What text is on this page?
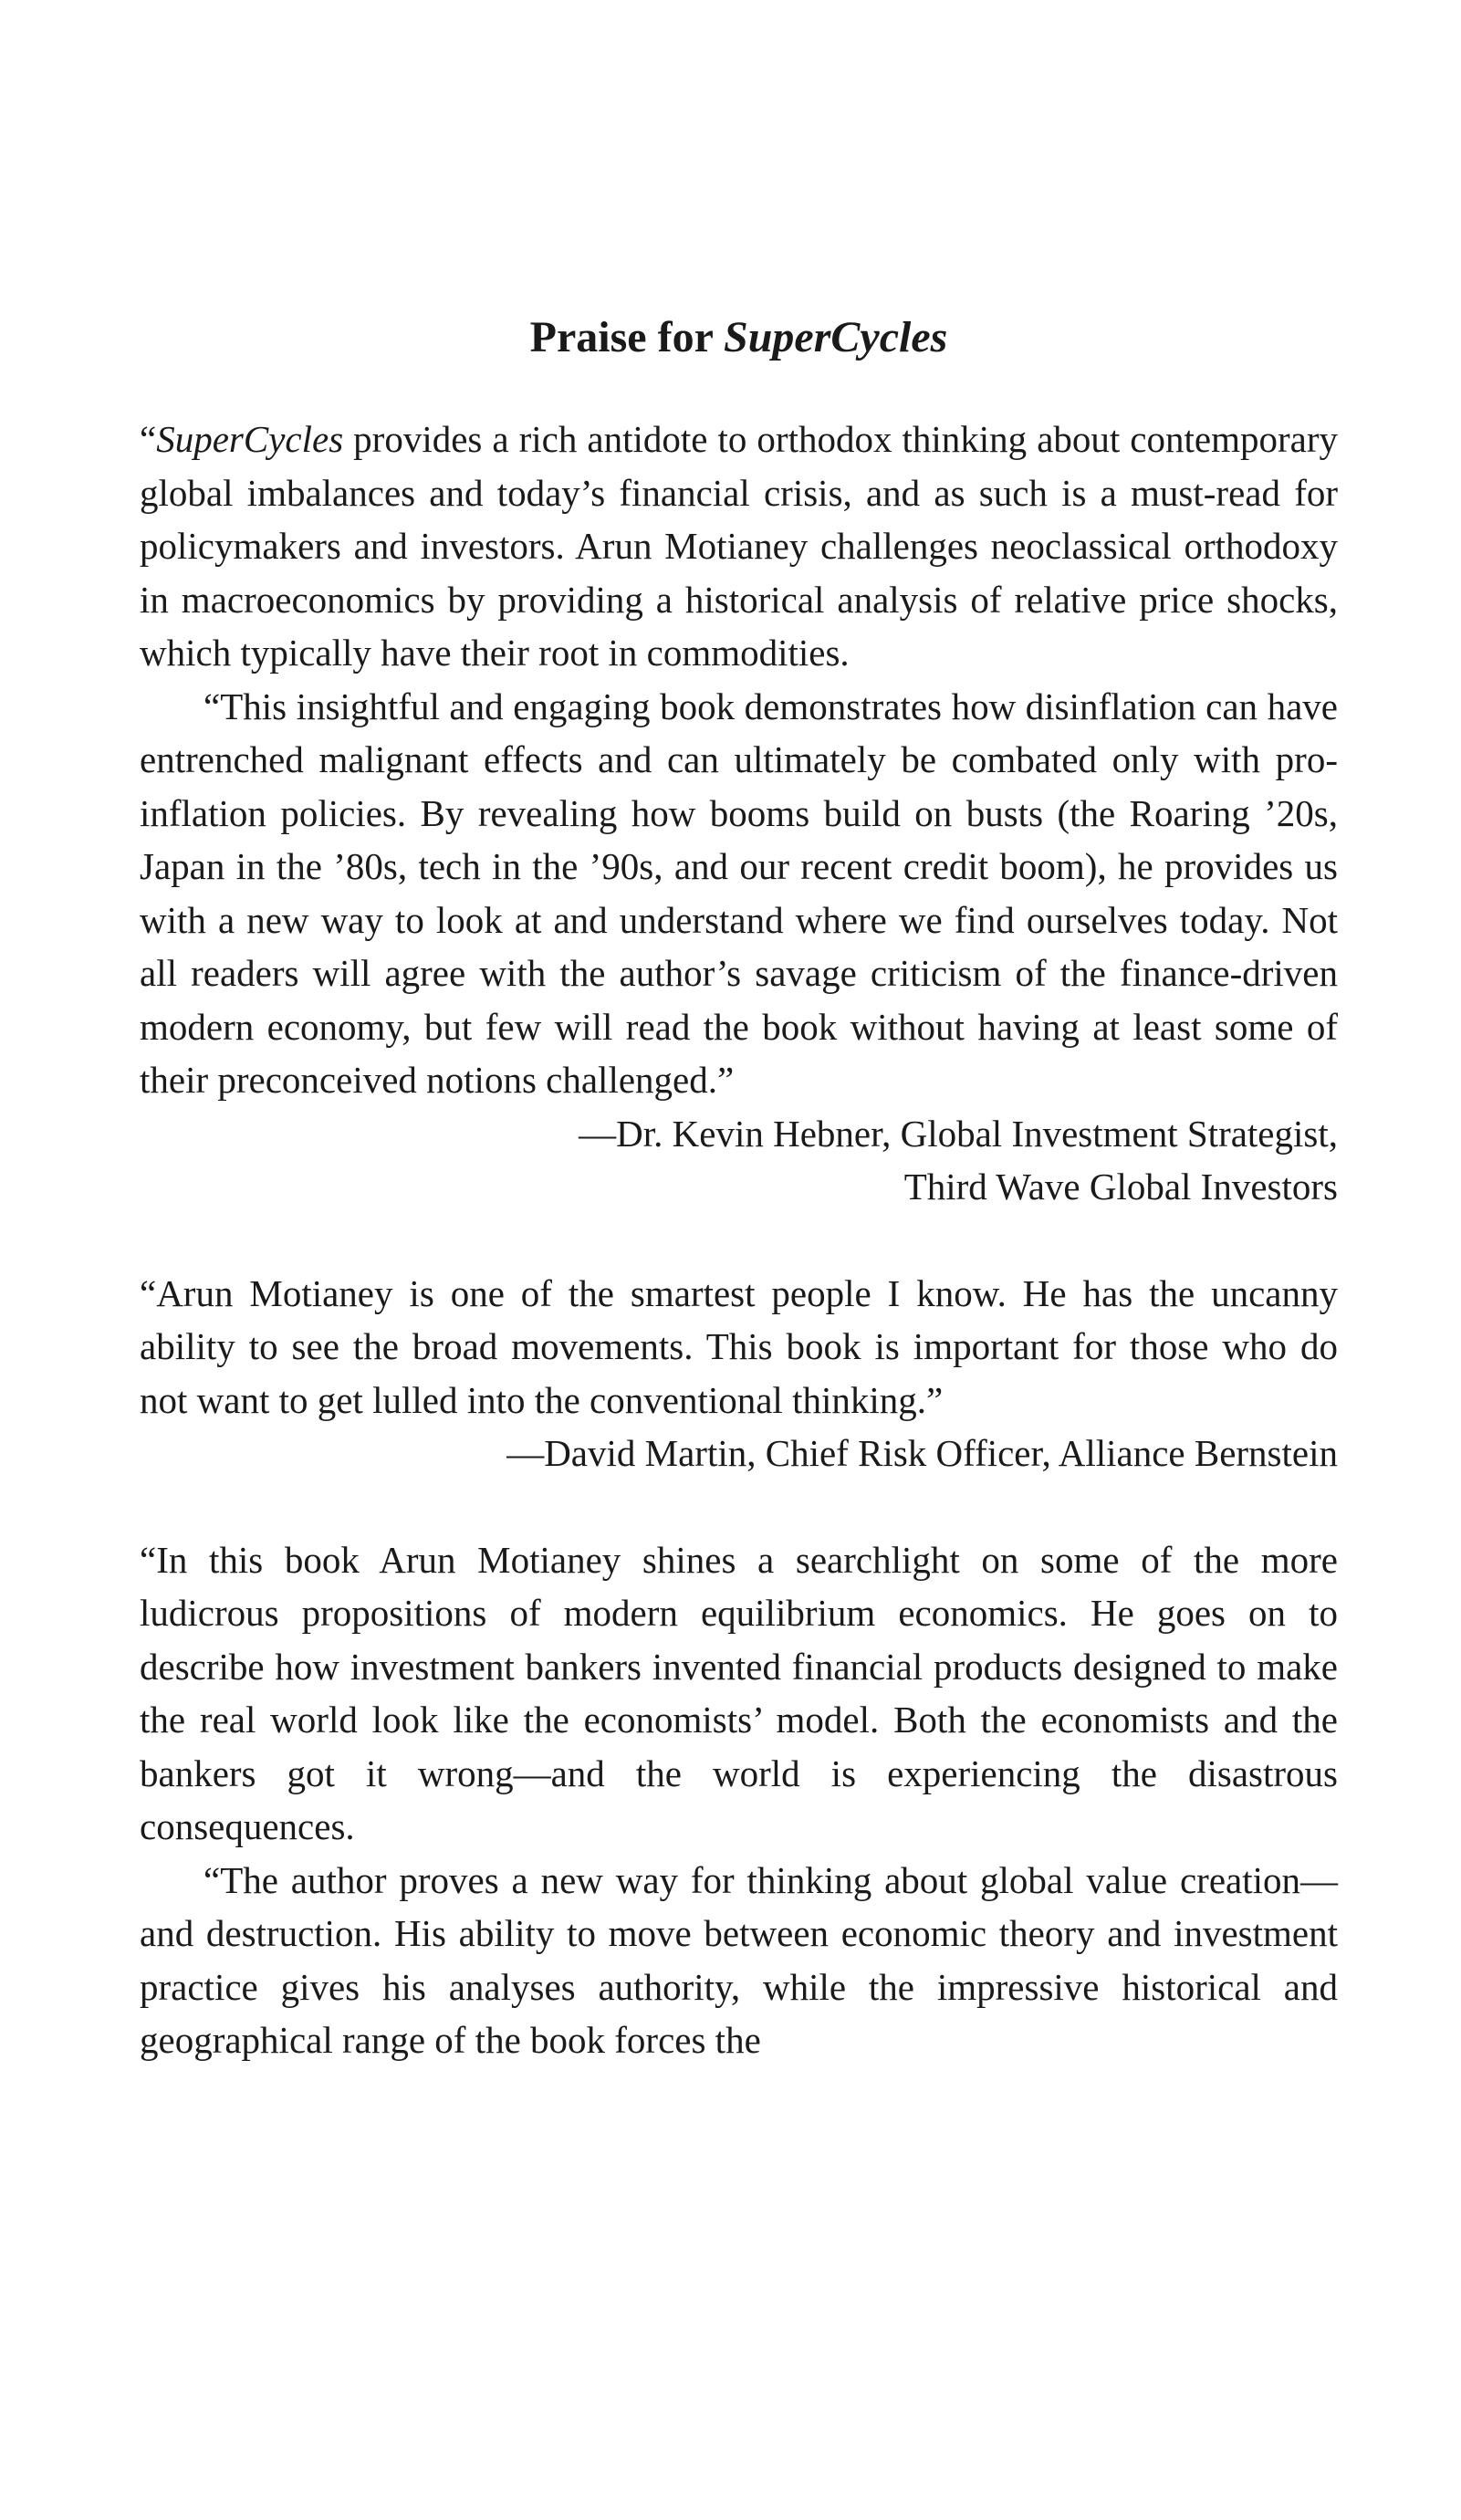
Praise for SuperCycles

“SuperCycles provides a rich antidote to orthodox thinking about contemporary global imbalances and today’s financial crisis, and as such is a must-read for policymakers and investors. Arun Motianey challenges neoclassical orthodoxy in macroeconomics by providing a historical analysis of relative price shocks, which typically have their root in commodities.

“This insightful and engaging book demonstrates how disinflation can have entrenched malignant effects and can ultimately be combated only with pro-inflation policies. By revealing how booms build on busts (the Roaring ’20s, Japan in the ’80s, tech in the ’90s, and our recent credit boom), he provides us with a new way to look at and understand where we find ourselves today. Not all readers will agree with the author’s savage criticism of the finance-driven modern economy, but few will read the book without having at least some of their preconceived notions challenged.”

—Dr. Kevin Hebner, Global Investment Strategist,

Third Wave Global Investors

“Arun Motianey is one of the smartest people I know. He has the uncanny ability to see the broad movements. This book is important for those who do not want to get lulled into the conventional thinking.”

—David Martin, Chief Risk Officer, Alliance Bernstein

“In this book Arun Motianey shines a searchlight on some of the more ludicrous propositions of modern equilibrium economics. He goes on to describe how investment bankers invented financial products designed to make the real world look like the economists’ model. Both the economists and the bankers got it wrong—and the world is experiencing the disastrous consequences.

“The author proves a new way for thinking about global value creation—and destruction. His ability to move between economic theory and investment practice gives his analyses authority, while the impressive historical and geographical range of the book forces the
